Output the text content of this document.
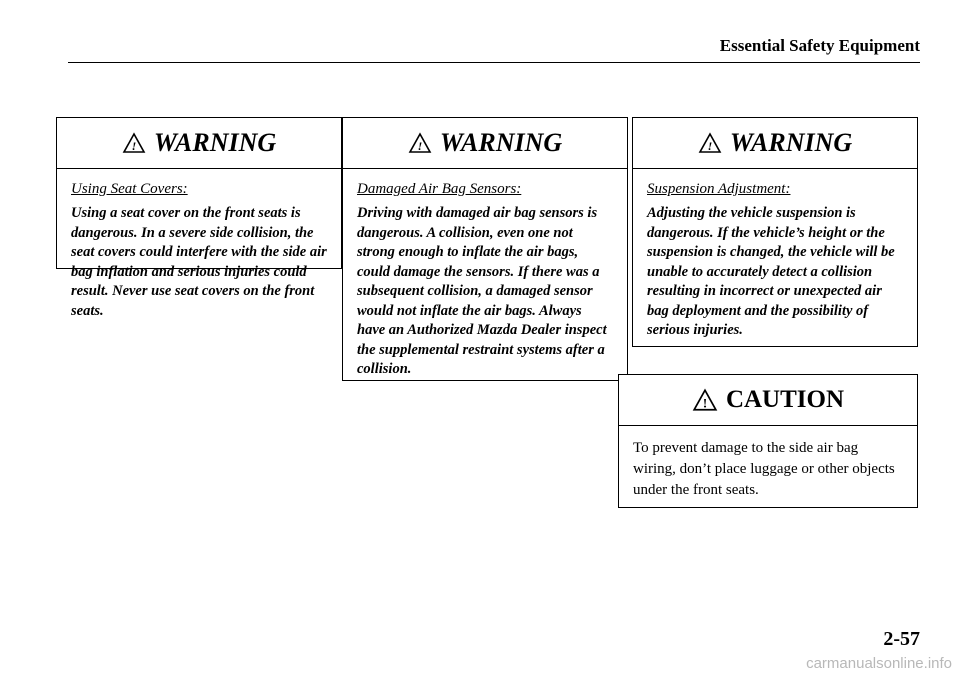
Essential Safety Equipment
! WARNING
Using Seat Covers:
Using a seat cover on the front seats is dangerous. In a severe side collision, the seat covers could interfere with the side air bag inflation and serious injuries could result. Never use seat covers on the front seats.
! WARNING
Damaged Air Bag Sensors:
Driving with damaged air bag sensors is dangerous. A collision, even one not strong enough to inflate the air bags, could damage the sensors. If there was a subsequent collision, a damaged sensor would not inflate the air bags. Always have an Authorized Mazda Dealer inspect the supplemental restraint systems after a collision.
! WARNING
Suspension Adjustment:
Adjusting the vehicle suspension is dangerous. If the vehicle’s height or the suspension is changed, the vehicle will be unable to accurately detect a collision resulting in incorrect or unexpected air bag deployment and the possibility of serious injuries.
! CAUTION
To prevent damage to the side air bag wiring, don’t place luggage or other objects under the front seats.
2-57
carmanualsonline.info
